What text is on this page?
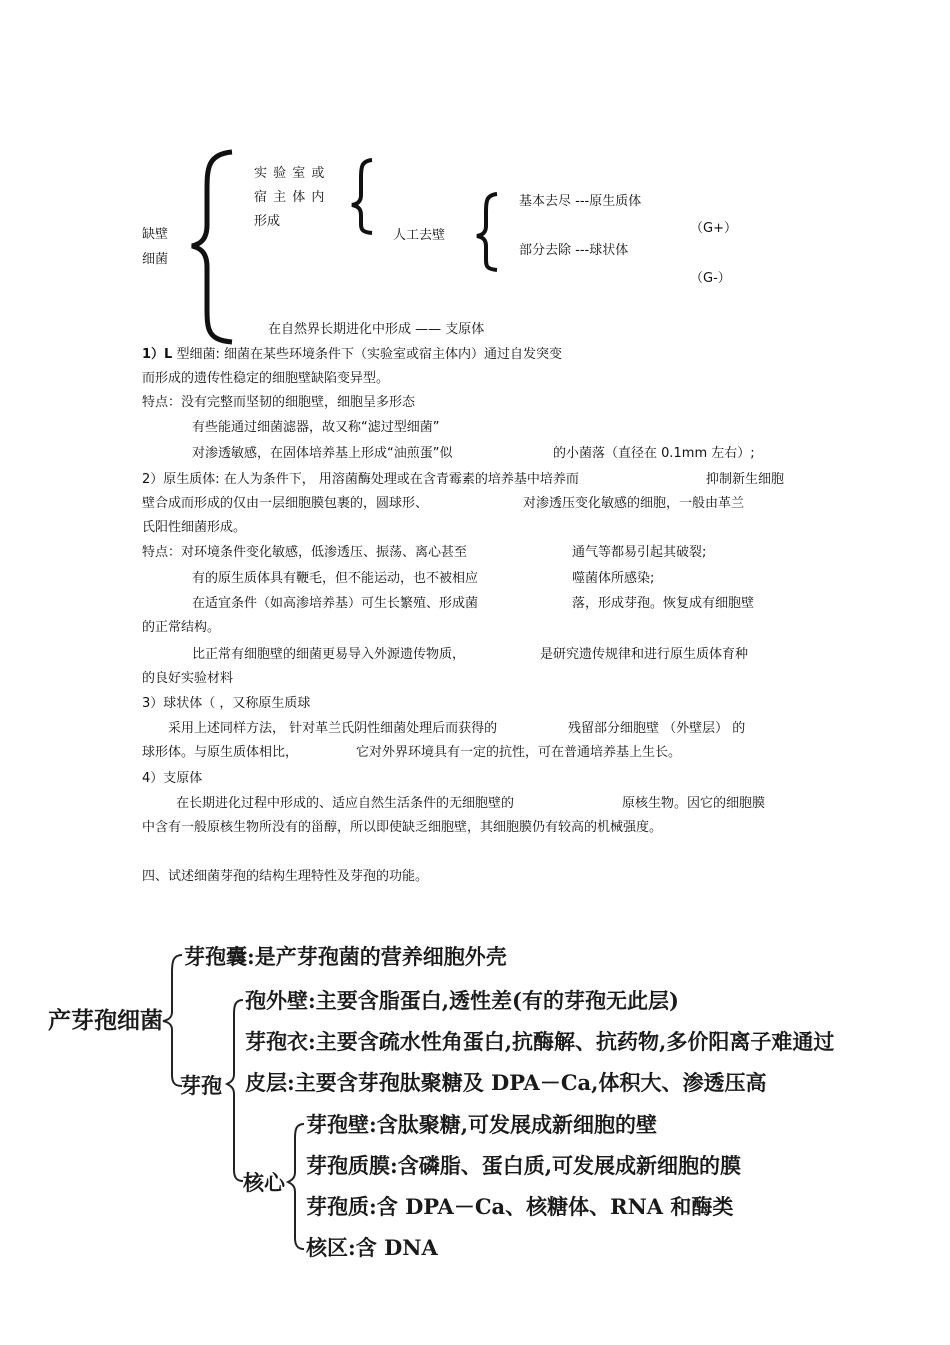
缺壁
细菌
实 验 室 或
宿 主 体 内
形成
人工去壁
基本去尽 ---原生质体
部分去除 ---球状体
（G+）
（G-）
在自然界长期进化中形成 —— 支原体
1）L 型细菌: 细菌在某些环境条件下（实验室或宿主体内）通过自发突变
而形成的遗传性稳定的细胞壁缺陷变异型。
特点：没有完整而坚韧的细胞壁，细胞呈多形态
有些能通过细菌滤器，故又称“滤过型细菌”
对渗透敏感，在固体培养基上形成“油煎蛋”似	的小菌落（直径在 0.1mm 左右）;
2）原生质体: 在人为条件下， 用溶菌酶处理或在含青霉素的培养基中培养而	抑制新生细胞
壁合成而形成的仅由一层细胞膜包裹的，圆球形、	对渗透压变化敏感的细胞，一般由革兰
氏阳性细菌形成。
特点：对环境条件变化敏感，低渗透压、振荡、离心甚至	通气等都易引起其破裂;
有的原生质体具有鞭毛，但不能运动，也不被相应	噬菌体所感染;
在适宜条件（如高渗培养基）可生长繁殖、形成菌	落，形成芽孢。恢复成有细胞壁
的正常结构。
比正常有细胞壁的细菌更易导入外源遗传物质，	是研究遗传规律和进行原生质体育种
的良好实验材料
3）球状体（ ，又称原生质球
采用上述同样方法， 针对革兰氏阴性细菌处理后而获得的	残留部分细胞壁 （外壁层） 的
球形体。与原生质体相比，	它对外界环境具有一定的抗性，可在普通培养基上生长。
4）支原体
在长期进化过程中形成的、适应自然生活条件的无细胞壁的	原核生物。因它的细胞膜
中含有一般原核生物所没有的甾醇，所以即使缺乏细胞壁，其细胞膜仍有较高的机械强度。
四、试述细菌芽孢的结构生理特性及芽孢的功能。
产芽孢细菌
芽孢囊:是产芽孢菌的营养细胞外壳
芽孢
孢外壁:主要含脂蛋白,透性差(有的芽孢无此层)
芽孢衣:主要含疏水性角蛋白,抗酶解、抗药物,多价阳离子难通过
皮层:主要含芽孢肽聚糖及 DPA－Ca,体积大、渗透压高
核心
芽孢壁:含肽聚糖,可发展成新细胞的壁
芽孢质膜:含磷脂、蛋白质,可发展成新细胞的膜
芽孢质:含 DPA－Ca、核糖体、RNA 和酶类
核区:含 DNA
